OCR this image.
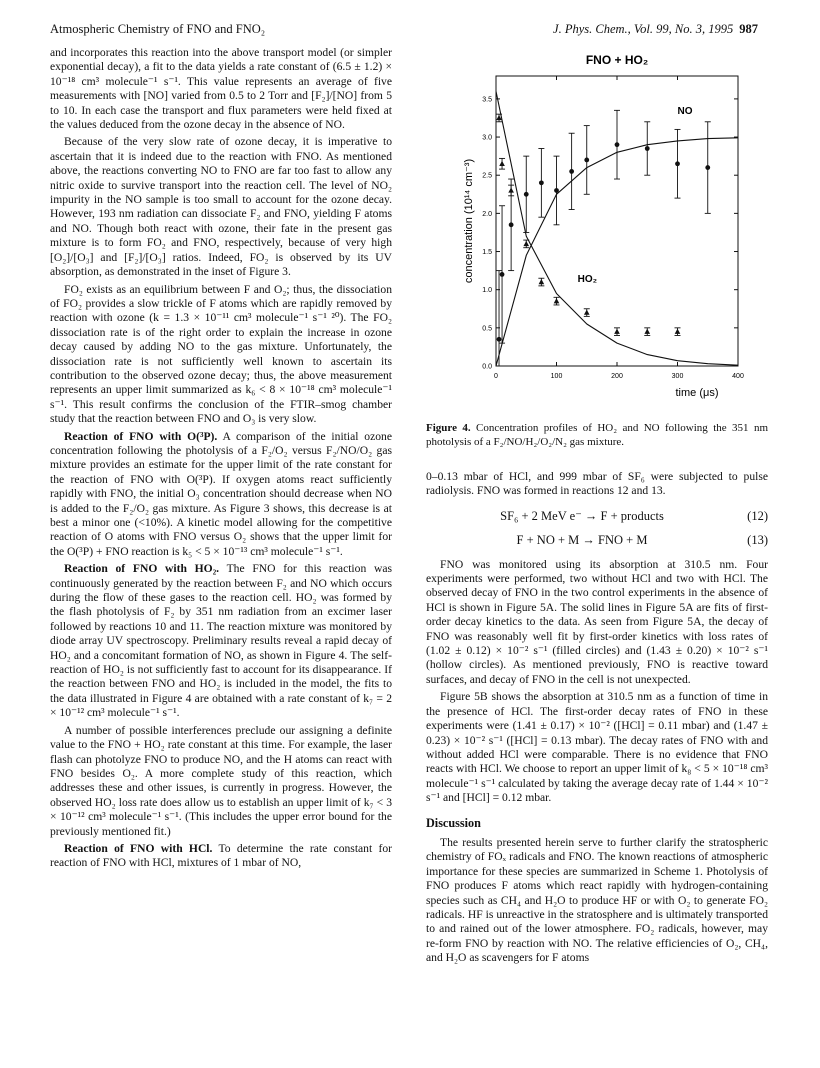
Atmospheric Chemistry of FNO and FNO₂	J. Phys. Chem., Vol. 99, No. 3, 1995 987

and incorporates this reaction into the above transport model (or simpler exponential decay), a fit to the data yields a rate constant of (6.5 ± 1.2) × 10⁻¹⁸ cm³ molecule⁻¹ s⁻¹. This value represents an average of five measurements with [NO] varied from 0.5 to 2 Torr and [F₂]/[NO] from 5 to 10. In each case the transport and flux parameters were held fixed at the values deduced from the ozone decay in the absence of NO.

Because of the very slow rate of ozone decay, it is imperative to ascertain that it is indeed due to the reaction with FNO. As mentioned above, the reactions converting NO to FNO are far too fast to allow any nitric oxide to survive transport into the reaction cell. The level of NO₂ impurity in the NO sample is too small to account for the ozone decay. However, 193 nm radiation can dissociate F₂ and FNO, yielding F atoms and NO. Though both react with ozone, their fate in the present gas mixture is to form FO₂ and FNO, respectively, because of very high [O₂]/[O₃] and [F₂]/[O₃] ratios. Indeed, FO₂ is observed by its UV absorption, as demonstrated in the inset of Figure 3.

FO₂ exists as an equilibrium between F and O₂; thus, the dissociation of FO₂ provides a slow trickle of F atoms which are rapidly removed by reaction with ozone (k = 1.3 × 10⁻¹¹ cm³ molecule⁻¹ s⁻¹ ²⁰). The FO₂ dissociation rate is of the right order to explain the increase in ozone decay caused by adding NO to the gas mixture. Unfortunately, the dissociation rate is not sufficiently well known to ascertain its contribution to the observed ozone decay; thus, the above measurement represents an upper limit summarized as k₆ < 8 × 10⁻¹⁸ cm³ molecule⁻¹ s⁻¹. This result confirms the conclusion of the FTIR–smog chamber study that the reaction between FNO and O₃ is very slow.

Reaction of FNO with O(³P). A comparison of the initial ozone concentration following the photolysis of a F₂/O₂ versus F₂/NO/O₂ gas mixture provides an estimate for the upper limit of the rate constant for the reaction of FNO with O(³P). If oxygen atoms react sufficiently rapidly with FNO, the initial O₃ concentration should decrease when NO is added to the F₂/O₂ gas mixture. As Figure 3 shows, this decrease is at best a minor one (<10%). A kinetic model allowing for the competitive reaction of O atoms with FNO versus O₂ shows that the upper limit for the O(³P) + FNO reaction is k₅ < 5 × 10⁻¹³ cm³ molecule⁻¹ s⁻¹.

Reaction of FNO with HO₂. The FNO for this reaction was continuously generated by the reaction between F₂ and NO which occurs during the flow of these gases to the reaction cell. HO₂ was formed by the flash photolysis of F₂ by 351 nm radiation from an excimer laser followed by reactions 10 and 11. The reaction mixture was monitored by diode array UV spectroscopy. Preliminary results reveal a rapid decay of HO₂ and a concomitant formation of NO, as shown in Figure 4. The self-reaction of HO₂ is not sufficiently fast to account for its disappearance. If the reaction between FNO and HO₂ is included in the model, the fits to the data illustrated in Figure 4 are obtained with a rate constant of k₇ = 2 × 10⁻¹² cm³ molecule⁻¹ s⁻¹.

A number of possible interferences preclude our assigning a definite value to the FNO + HO₂ rate constant at this time. For example, the laser flash can photolyze FNO to produce NO, and the H atoms can react with FNO besides O₂. A more complete study of this reaction, which addresses these and other issues, is currently in progress. However, the observed HO₂ loss rate does allow us to establish an upper limit of k₇ < 3 × 10⁻¹² cm³ molecule⁻¹ s⁻¹. (This includes the upper error bound for the previously mentioned fit.)

Reaction of FNO with HCl. To determine the rate constant for reaction of FNO with HCl, mixtures of 1 mbar of NO,

FNO + HO₂
0	100	200	300	400
0.0
0.5
1.0
1.5
2.0
2.5
3.0
3.5
time (μs)
concentration (10¹⁴ cm⁻³)
NO
HO₂
Figure 4. Concentration profiles of HO₂ and NO following the 351 nm photolysis of a F₂/NO/H₂/O₂/N₂ gas mixture.

0–0.13 mbar of HCl, and 999 mbar of SF₆ were subjected to pulse radiolysis. FNO was formed in reactions 12 and 13.

SF₆ + 2 MeV e⁻ → F + products	(12)
F + NO + M → FNO + M	(13)

FNO was monitored using its absorption at 310.5 nm. Four experiments were performed, two without HCl and two with HCl. The observed decay of FNO in the two control experiments in the absence of HCl is shown in Figure 5A. The solid lines in Figure 5A are fits of first-order decay kinetics to the data. As seen from Figure 5A, the decay of FNO was reasonably well fit by first-order kinetics with loss rates of (1.02 ± 0.12) × 10⁻² s⁻¹ (filled circles) and (1.43 ± 0.20) × 10⁻² s⁻¹ (hollow circles). As mentioned previously, FNO is reactive toward surfaces, and decay of FNO in the cell is not unexpected.

Figure 5B shows the absorption at 310.5 nm as a function of time in the presence of HCl. The first-order decay rates of FNO in these experiments were (1.41 ± 0.17) × 10⁻² ([HCl] = 0.11 mbar) and (1.47 ± 0.23) × 10⁻² s⁻¹ ([HCl] = 0.13 mbar). The decay rates of FNO with and without added HCl were comparable. There is no evidence that FNO reacts with HCl. We choose to report an upper limit of k₈ < 5 × 10⁻¹⁸ cm³ molecule⁻¹ s⁻¹ calculated by taking the average decay rate of 1.44 × 10⁻² s⁻¹ and [HCl] = 0.12 mbar.

Discussion

The results presented herein serve to further clarify the stratospheric chemistry of FOₓ radicals and FNO. The known reactions of atmospheric importance for these species are summarized in Scheme 1. Photolysis of FNO produces F atoms which react rapidly with hydrogen-containing species such as CH₄ and H₂O to produce HF or with O₂ to generate FO₂ radicals. HF is unreactive in the stratosphere and is ultimately transported to and rained out of the lower atmosphere. FO₂ radicals, however, may re-form FNO by reaction with NO. The relative efficiencies of O₂, CH₄, and H₂O as scavengers for F atoms
